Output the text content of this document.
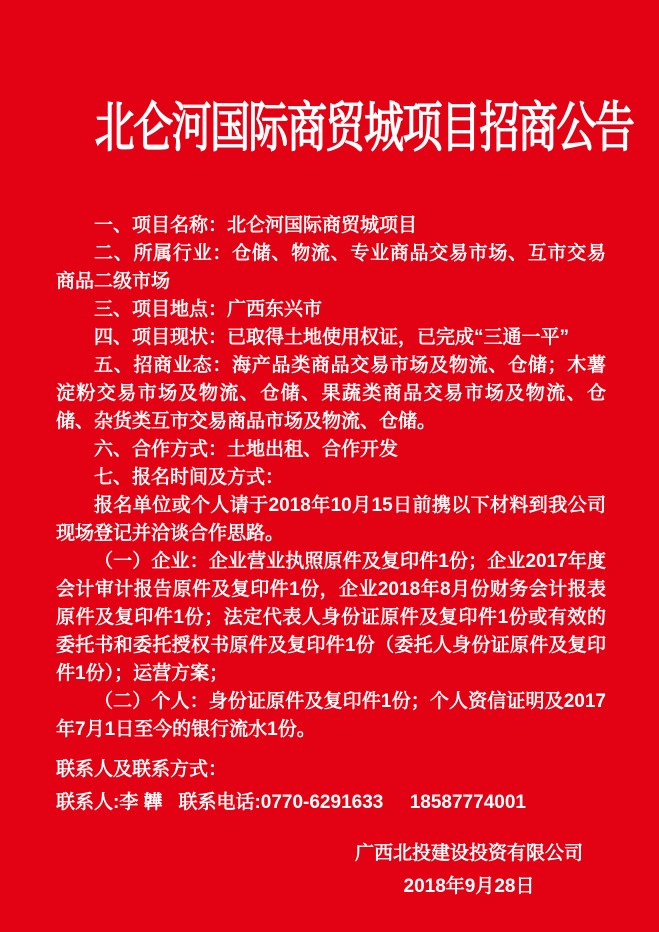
北仑河国际商贸城项目招商公告

一、项目名称：北仑河国际商贸城项目

二、所属行业：仓储、物流、专业商品交易市场、互市交易商品二级市场

三、项目地点：广西东兴市

四、项目现状：已取得土地使用权证，已完成“三通一平”

五、招商业态：海产品类商品交易市场及物流、仓储；木薯淀粉交易市场及物流、仓储、果蔬类商品交易市场及物流、仓储、杂货类互市交易商品市场及物流、仓储。

六、合作方式：土地出租、合作开发

七、报名时间及方式：

报名单位或个人请于2018年10月15日前携以下材料到我公司现场登记并洽谈合作思路。

（一）企业：企业营业执照原件及复印件1份；企业2017年度会计审计报告原件及复印件1份，企业2018年8月份财务会计报表原件及复印件1份；法定代表人身份证原件及复印件1份或有效的委托书和委托授权书原件及复印件1份（委托人身份证原件及复印件1份）；运营方案；

（二）个人：身份证原件及复印件1份；个人资信证明及2017年7月1日至今的银行流水1份。

联系人及联系方式：

联系人:李 韡   联系电话:0770-6291633     18587774001

广西北投建设投资有限公司

2018年9月28日
